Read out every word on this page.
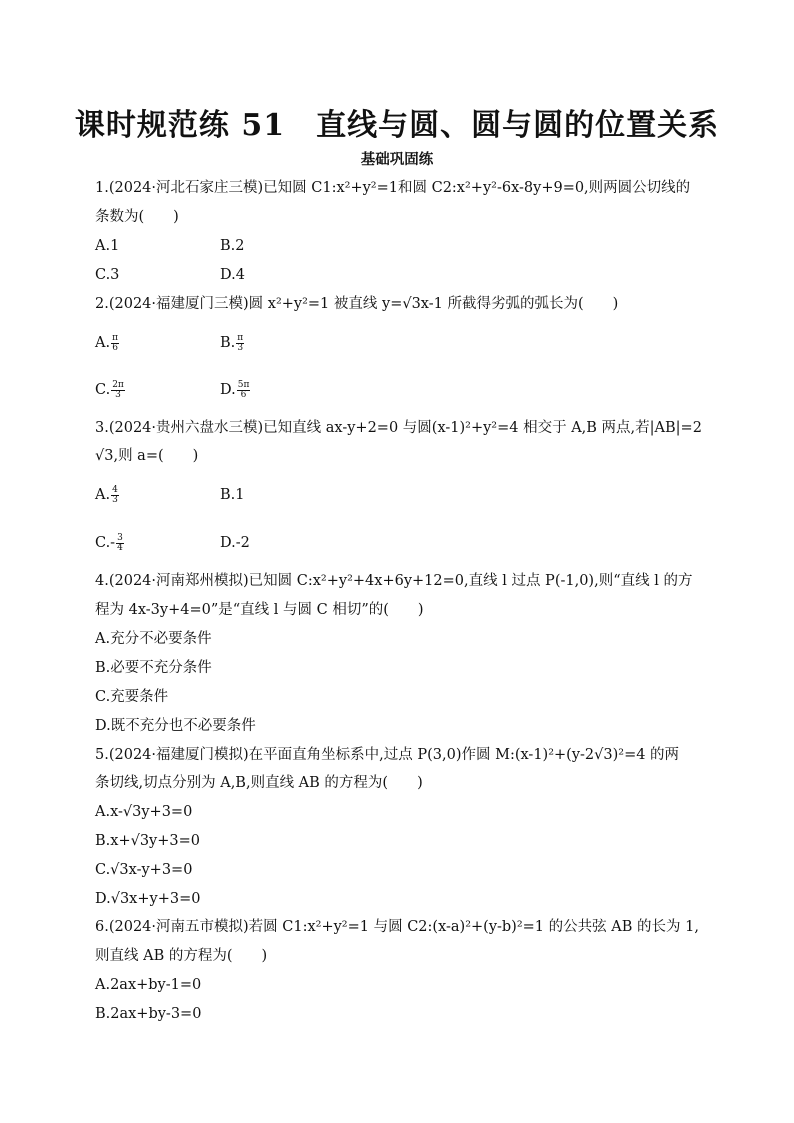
课时规范练 51　直线与圆、圆与圆的位置关系
基础巩固练
1.(2024·河北石家庄三模)已知圆 C1:x²+y²=1和圆 C2:x²+y²-6x-8y+9=0,则两圆公切线的
条数为(　　)
A.1	B.2
C.3	D.4
2.(2024·福建厦门三模)圆 x²+y²=1 被直线 y=√3x-1 所截得劣弧的弧长为(　　)
A. $\frac{\pi}{6}$	B. $\frac{\pi}{3}$
C. $\frac{2\pi}{3}$	D. $\frac{5\pi}{6}$
3.(2024·贵州六盘水三模)已知直线 ax-y+2=0 与圆(x-1)²+y²=4 相交于 A,B 两点,若|AB|=2
√3,则 a=(　　)
A. $\frac{4}{3}$	B.1
$C.- \frac{3}{4}$	D.-2
4.(2024·河南郑州模拟)已知圆 C:x²+y²+4x+6y+12=0,直线 l 过点 P(-1,0),则“直线 l 的方
程为 4x-3y+4=0”是“直线 l 与圆 C 相切”的(　　)
A.充分不必要条件
B.必要不充分条件
C.充要条件
D.既不充分也不必要条件
5.(2024·福建厦门模拟)在平面直角坐标系中,过点 P(3,0)作圆 M:(x-1)²+(y-2√3)²=4 的两
条切线,切点分别为 A,B,则直线 AB 的方程为(　　)
A.x-√3y+3=0
B.x+√3y+3=0
C.√3x-y+3=0
D.√3x+y+3=0
6.(2024·河南五市模拟)若圆 C1:x²+y²=1 与圆 C2:(x-a)²+(y-b)²=1 的公共弦 AB 的长为 1,
则直线 AB 的方程为(　　)
A.2ax+by-1=0
B.2ax+by-3=0
